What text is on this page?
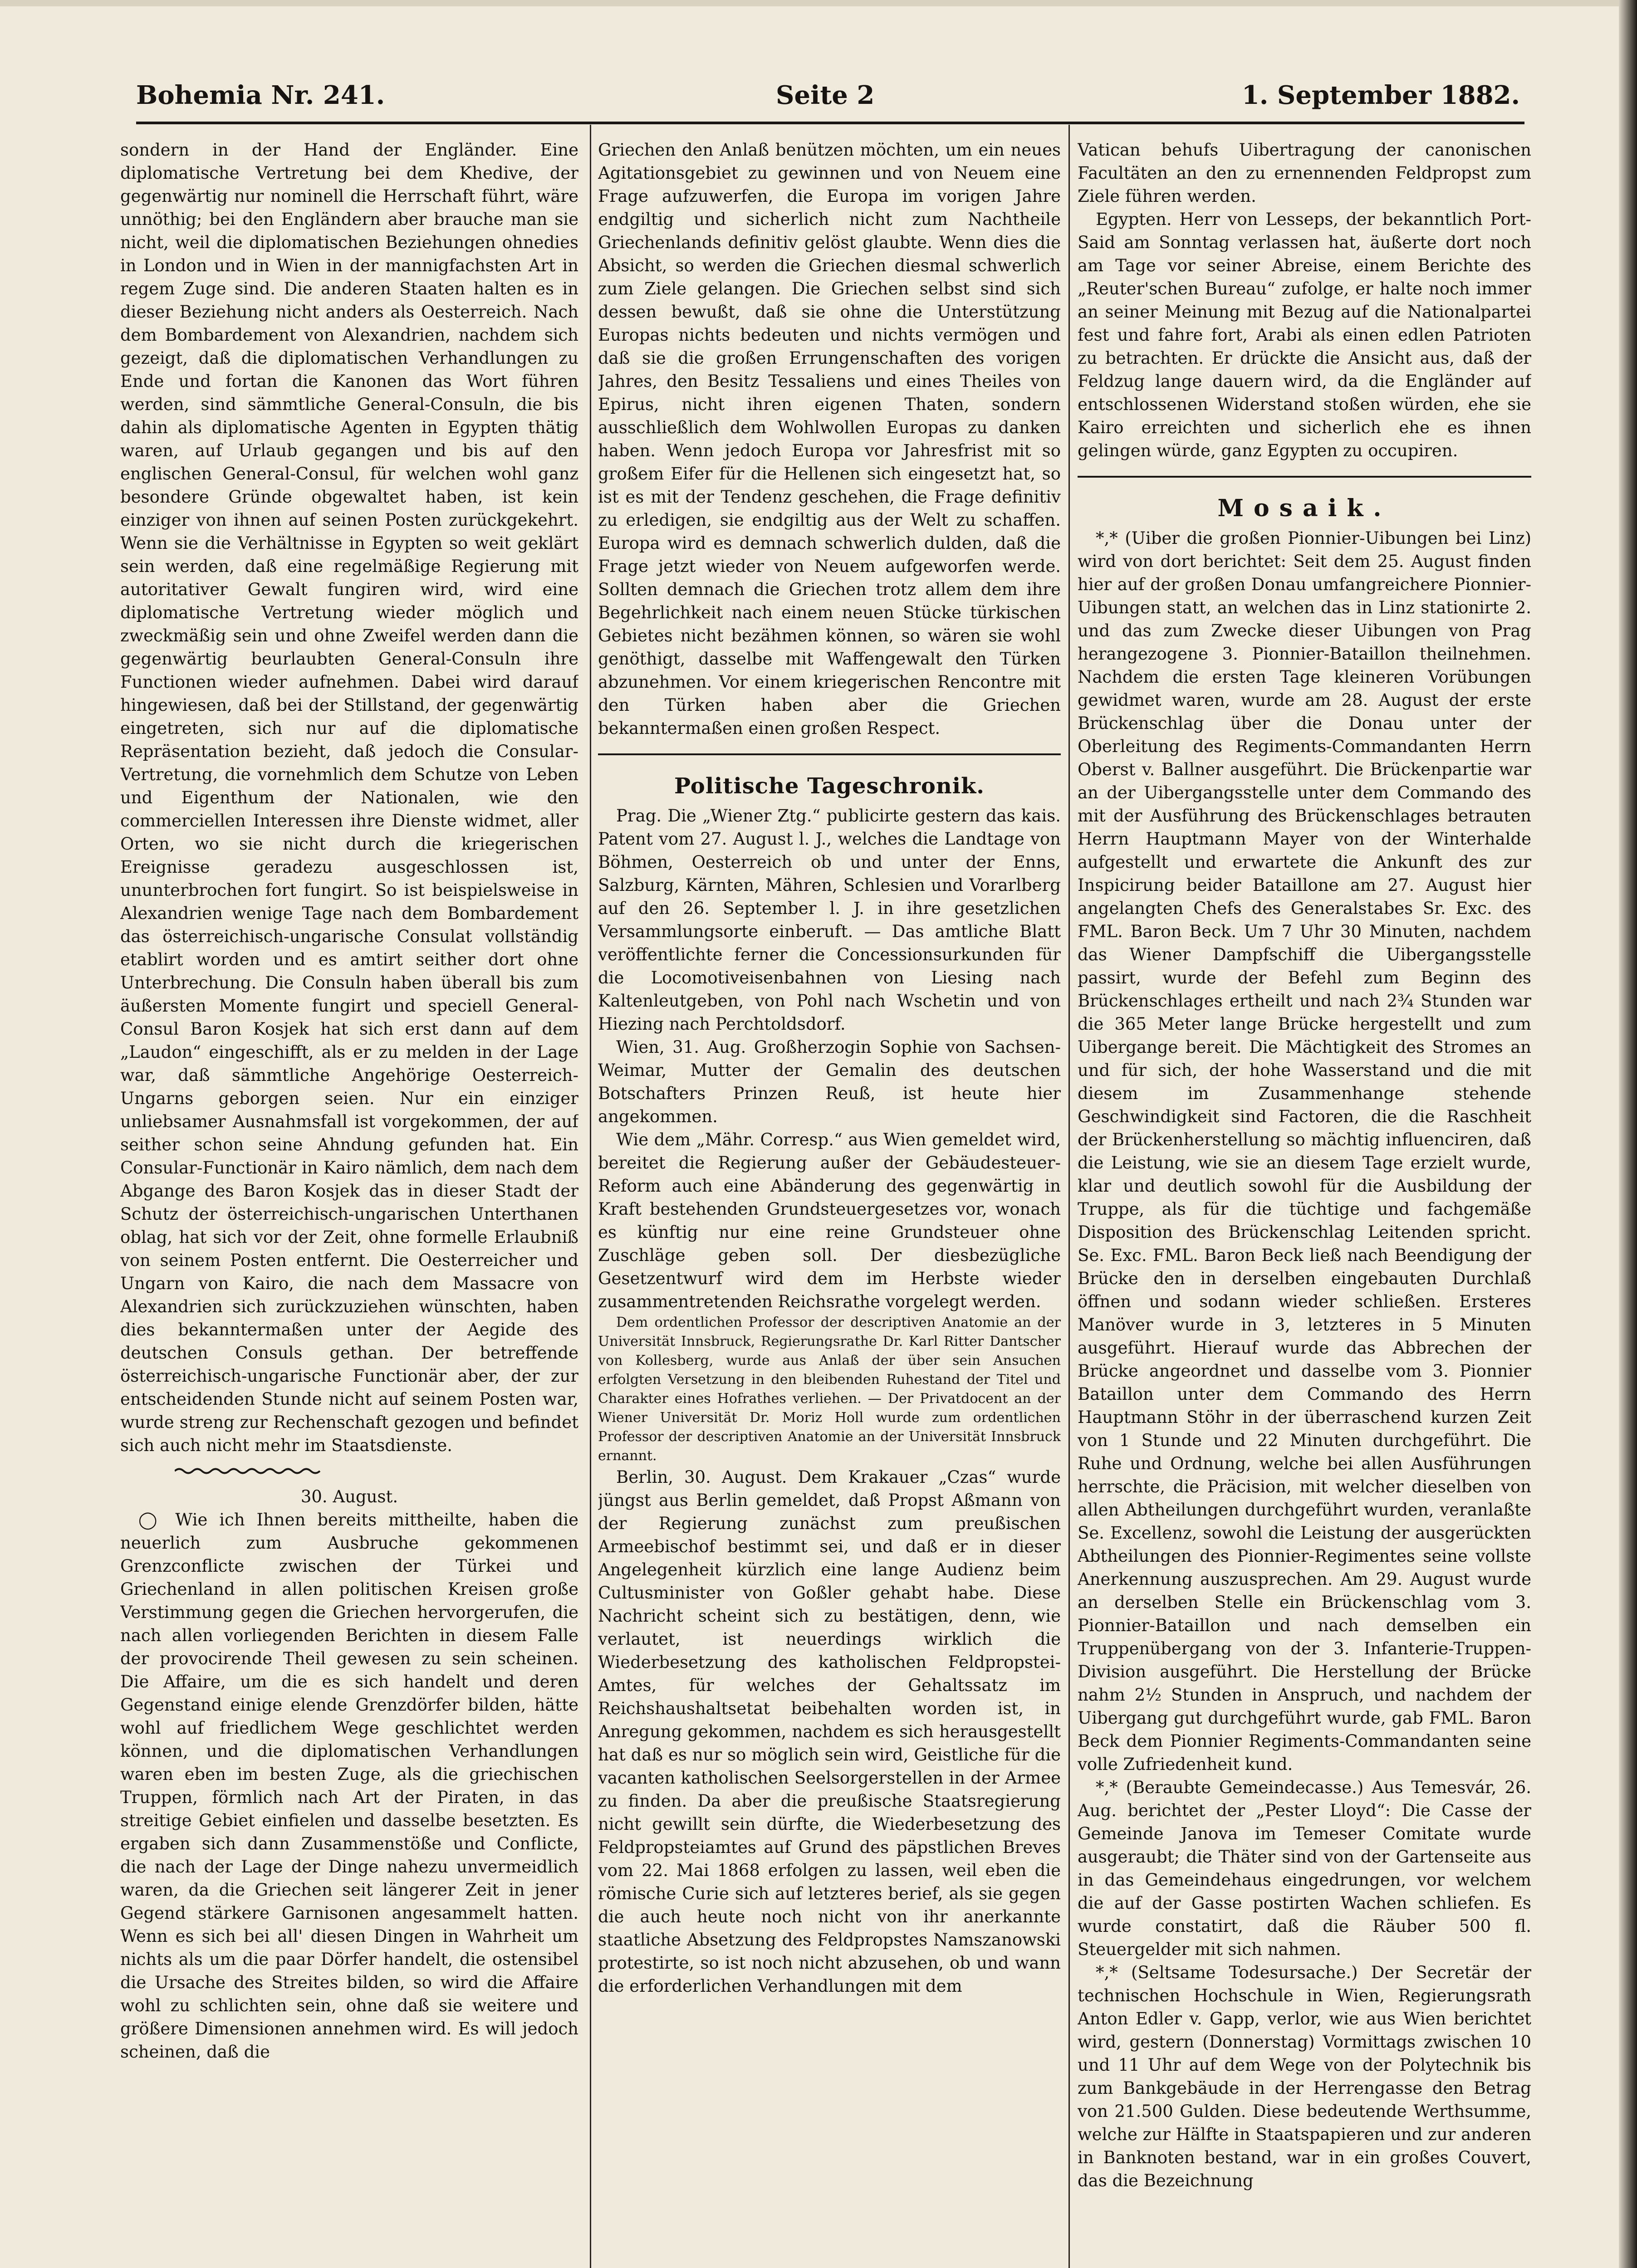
Bohemia Nr. 241.	Seite 2	1. September 1882.

sondern in der Hand der Engländer. Eine diplomatische Vertretung bei dem Khedive, der gegenwärtig nur nominell die Herrschaft führt, wäre unnöthig; bei den Engländern aber brauche man sie nicht, weil die diplomatischen Beziehungen ohnedies in London und in Wien in der mannigfachsten Art in regem Zuge sind. Die anderen Staaten halten es in dieser Beziehung nicht anders als Oesterreich. Nach dem Bombardement von Alexandrien, nachdem sich gezeigt, daß die diplomatischen Verhandlungen zu Ende und fortan die Kanonen das Wort führen werden, sind sämmtliche General-Consuln, die bis dahin als diplomatische Agenten in Egypten thätig waren, auf Urlaub gegangen und bis auf den englischen General-Consul, für welchen wohl ganz besondere Gründe obgewaltet haben, ist kein einziger von ihnen auf seinen Posten zurückgekehrt. Wenn sie die Verhältnisse in Egypten so weit geklärt sein werden, daß eine regelmäßige Regierung mit autoritativer Gewalt fungiren wird, wird eine diplomatische Vertretung wieder möglich und zweckmäßig sein und ohne Zweifel werden dann die gegenwärtig beurlaubten General-Consuln ihre Functionen wieder aufnehmen. Dabei wird darauf hingewiesen, daß bei der Stillstand, der gegenwärtig eingetreten, sich nur auf die diplomatische Repräsentation bezieht, daß jedoch die Consular-Vertretung, die vornehmlich dem Schutze von Leben und Eigenthum der Nationalen, wie den commerciellen Interessen ihre Dienste widmet, aller Orten, wo sie nicht durch die kriegerischen Ereignisse geradezu ausgeschlossen ist, ununterbrochen fort fungirt. So ist beispielsweise in Alexandrien wenige Tage nach dem Bombardement das österreichisch-ungarische Consulat vollständig etablirt worden und es amtirt seither dort ohne Unterbrechung. Die Consuln haben überall bis zum äußersten Momente fungirt und speciell General-Consul Baron Kosjek hat sich erst dann auf dem „Laudon“ eingeschifft, als er zu melden in der Lage war, daß sämmtliche Angehörige Oesterreich-Ungarns geborgen seien. Nur ein einziger unliebsamer Ausnahmsfall ist vorgekommen, der auf seither schon seine Ahndung gefunden hat. Ein Consular-Functionär in Kairo nämlich, dem nach dem Abgange des Baron Kosjek das in dieser Stadt der Schutz der österreichisch-ungarischen Unterthanen oblag, hat sich vor der Zeit, ohne formelle Erlaubniß von seinem Posten entfernt. Die Oesterreicher und Ungarn von Kairo, die nach dem Massacre von Alexandrien sich zurückzuziehen wünschten, haben dies bekanntermaßen unter der Aegide des deutschen Consuls gethan. Der betreffende österreichisch-ungarische Functionär aber, der zur entscheidenden Stunde nicht auf seinem Posten war, wurde streng zur Rechenschaft gezogen und befindet sich auch nicht mehr im Staatsdienste.

30. August.

◯ Wie ich Ihnen bereits mittheilte, haben die neuerlich zum Ausbruche gekommenen Grenzconflicte zwischen der Türkei und Griechenland in allen politischen Kreisen große Verstimmung gegen die Griechen hervorgerufen, die nach allen vorliegenden Berichten in diesem Falle der provocirende Theil gewesen zu sein scheinen. Die Affaire, um die es sich handelt und deren Gegenstand einige elende Grenzdörfer bilden, hätte wohl auf friedlichem Wege geschlichtet werden können, und die diplomatischen Verhandlungen waren eben im besten Zuge, als die griechischen Truppen, förmlich nach Art der Piraten, in das streitige Gebiet einfielen und dasselbe besetzten. Es ergaben sich dann Zusammenstöße und Conflicte, die nach der Lage der Dinge nahezu unvermeidlich waren, da die Griechen seit längerer Zeit in jener Gegend stärkere Garnisonen angesammelt hatten. Wenn es sich bei all' diesen Dingen in Wahrheit um nichts als um die paar Dörfer handelt, die ostensibel die Ursache des Streites bilden, so wird die Affaire wohl zu schlichten sein, ohne daß sie weitere und größere Dimensionen annehmen wird. Es will jedoch scheinen, daß die

Griechen den Anlaß benützen möchten, um ein neues Agitationsgebiet zu gewinnen und von Neuem eine Frage aufzuwerfen, die Europa im vorigen Jahre endgiltig und sicherlich nicht zum Nachtheile Griechenlands definitiv gelöst glaubte. Wenn dies die Absicht, so werden die Griechen diesmal schwerlich zum Ziele gelangen. Die Griechen selbst sind sich dessen bewußt, daß sie ohne die Unterstützung Europas nichts bedeuten und nichts vermögen und daß sie die großen Errungenschaften des vorigen Jahres, den Besitz Tessaliens und eines Theiles von Epirus, nicht ihren eigenen Thaten, sondern ausschließlich dem Wohlwollen Europas zu danken haben. Wenn jedoch Europa vor Jahresfrist mit so großem Eifer für die Hellenen sich eingesetzt hat, so ist es mit der Tendenz geschehen, die Frage definitiv zu erledigen, sie endgiltig aus der Welt zu schaffen. Europa wird es demnach schwerlich dulden, daß die Frage jetzt wieder von Neuem aufgeworfen werde. Sollten demnach die Griechen trotz allem dem ihre Begehrlichkeit nach einem neuen Stücke türkischen Gebietes nicht bezähmen können, so wären sie wohl genöthigt, dasselbe mit Waffengewalt den Türken abzunehmen. Vor einem kriegerischen Rencontre mit den Türken haben aber die Griechen bekanntermaßen einen großen Respect.

Politische Tageschronik.

Prag. Die „Wiener Ztg.“ publicirte gestern das kais. Patent vom 27. August l. J., welches die Landtage von Böhmen, Oesterreich ob und unter der Enns, Salzburg, Kärnten, Mähren, Schlesien und Vorarlberg auf den 26. September l. J. in ihre gesetzlichen Versammlungsorte einberuft. — Das amtliche Blatt veröffentlichte ferner die Concessionsurkunden für die Locomotiveisenbahnen von Liesing nach Kaltenleutgeben, von Pohl nach Wschetin und von Hiezing nach Perchtoldsdorf.

Wien, 31. Aug. Großherzogin Sophie von Sachsen-Weimar, Mutter der Gemalin des deutschen Botschafters Prinzen Reuß, ist heute hier angekommen.

Wie dem „Mähr. Corresp.“ aus Wien gemeldet wird, bereitet die Regierung außer der Gebäudesteuer-Reform auch eine Abänderung des gegenwärtig in Kraft bestehenden Grundsteuergesetzes vor, wonach es künftig nur eine reine Grundsteuer ohne Zuschläge geben soll. Der diesbezügliche Gesetzentwurf wird dem im Herbste wieder zusammentretenden Reichsrathe vorgelegt werden.

Dem ordentlichen Professor der descriptiven Anatomie an der Universität Innsbruck, Regierungsrathe Dr. Karl Ritter Dantscher von Kollesberg, wurde aus Anlaß der über sein Ansuchen erfolgten Versetzung in den bleibenden Ruhestand der Titel und Charakter eines Hofrathes verliehen. — Der Privatdocent an der Wiener Universität Dr. Moriz Holl wurde zum ordentlichen Professor der descriptiven Anatomie an der Universität Innsbruck ernannt.

Berlin, 30. August. Dem Krakauer „Czas“ wurde jüngst aus Berlin gemeldet, daß Propst Aßmann von der Regierung zunächst zum preußischen Armeebischof bestimmt sei, und daß er in dieser Angelegenheit kürzlich eine lange Audienz beim Cultusminister von Goßler gehabt habe. Diese Nachricht scheint sich zu bestätigen, denn, wie verlautet, ist neuerdings wirklich die Wiederbesetzung des katholischen Feldpropstei-Amtes, für welches der Gehaltssatz im Reichshaushaltsetat beibehalten worden ist, in Anregung gekommen, nachdem es sich herausgestellt hat daß es nur so möglich sein wird, Geistliche für die vacanten katholischen Seelsorgerstellen in der Armee zu finden. Da aber die preußische Staatsregierung nicht gewillt sein dürfte, die Wiederbesetzung des Feldpropsteiamtes auf Grund des päpstlichen Breves vom 22. Mai 1868 erfolgen zu lassen, weil eben die römische Curie sich auf letzteres berief, als sie gegen die auch heute noch nicht von ihr anerkannte staatliche Absetzung des Feldpropstes Namszanowski protestirte, so ist noch nicht abzusehen, ob und wann die erforderlichen Verhandlungen mit dem

Vatican behufs Uibertragung der canonischen Facultäten an den zu ernennenden Feldpropst zum Ziele führen werden.

Egypten. Herr von Lesseps, der bekanntlich Port-Said am Sonntag verlassen hat, äußerte dort noch am Tage vor seiner Abreise, einem Berichte des „Reuter'schen Bureau“ zufolge, er halte noch immer an seiner Meinung mit Bezug auf die Nationalpartei fest und fahre fort, Arabi als einen edlen Patrioten zu betrachten. Er drückte die Ansicht aus, daß der Feldzug lange dauern wird, da die Engländer auf entschlossenen Widerstand stoßen würden, ehe sie Kairo erreichten und sicherlich ehe es ihnen gelingen würde, ganz Egypten zu occupiren.

Mosaik.

*,* (Uiber die großen Pionnier-Uibungen bei Linz) wird von dort berichtet: Seit dem 25. August finden hier auf der großen Donau umfangreichere Pionnier-Uibungen statt, an welchen das in Linz stationirte 2. und das zum Zwecke dieser Uibungen von Prag herangezogene 3. Pionnier-Bataillon theilnehmen. Nachdem die ersten Tage kleineren Vorübungen gewidmet waren, wurde am 28. August der erste Brückenschlag über die Donau unter der Oberleitung des Regiments-Commandanten Herrn Oberst v. Ballner ausgeführt. Die Brückenpartie war an der Uibergangsstelle unter dem Commando des mit der Ausführung des Brückenschlages betrauten Herrn Hauptmann Mayer von der Winterhalde aufgestellt und erwartete die Ankunft des zur Inspicirung beider Bataillone am 27. August hier angelangten Chefs des Generalstabes Sr. Exc. des FML. Baron Beck. Um 7 Uhr 30 Minuten, nachdem das Wiener Dampfschiff die Uibergangsstelle passirt, wurde der Befehl zum Beginn des Brückenschlages ertheilt und nach 2¾ Stunden war die 365 Meter lange Brücke hergestellt und zum Uibergange bereit. Die Mächtigkeit des Stromes an und für sich, der hohe Wasserstand und die mit diesem im Zusammenhange stehende Geschwindigkeit sind Factoren, die die Raschheit der Brückenherstellung so mächtig influenciren, daß die Leistung, wie sie an diesem Tage erzielt wurde, klar und deutlich sowohl für die Ausbildung der Truppe, als für die tüchtige und fachgemäße Disposition des Brückenschlag Leitenden spricht. Se. Exc. FML. Baron Beck ließ nach Beendigung der Brücke den in derselben eingebauten Durchlaß öffnen und sodann wieder schließen. Ersteres Manöver wurde in 3, letzteres in 5 Minuten ausgeführt. Hierauf wurde das Abbrechen der Brücke angeordnet und dasselbe vom 3. Pionnier Bataillon unter dem Commando des Herrn Hauptmann Stöhr in der überraschend kurzen Zeit von 1 Stunde und 22 Minuten durchgeführt. Die Ruhe und Ordnung, welche bei allen Ausführungen herrschte, die Präcision, mit welcher dieselben von allen Abtheilungen durchgeführt wurden, veranlaßte Se. Excellenz, sowohl die Leistung der ausgerückten Abtheilungen des Pionnier-Regimentes seine vollste Anerkennung auszusprechen. Am 29. August wurde an derselben Stelle ein Brückenschlag vom 3. Pionnier-Bataillon und nach demselben ein Truppenübergang von der 3. Infanterie-Truppen-Division ausgeführt. Die Herstellung der Brücke nahm 2½ Stunden in Anspruch, und nachdem der Uibergang gut durchgeführt wurde, gab FML. Baron Beck dem Pionnier Regiments-Commandanten seine volle Zufriedenheit kund.

*,* (Beraubte Gemeindecasse.) Aus Temesvár, 26. Aug. berichtet der „Pester Lloyd“: Die Casse der Gemeinde Janova im Temeser Comitate wurde ausgeraubt; die Thäter sind von der Gartenseite aus in das Gemeindehaus eingedrungen, vor welchem die auf der Gasse postirten Wachen schliefen. Es wurde constatirt, daß die Räuber 500 fl. Steuergelder mit sich nahmen.

*,* (Seltsame Todesursache.) Der Secretär der technischen Hochschule in Wien, Regierungsrath Anton Edler v. Gapp, verlor, wie aus Wien berichtet wird, gestern (Donnerstag) Vormittags zwischen 10 und 11 Uhr auf dem Wege von der Polytechnik bis zum Bankgebäude in der Herrengasse den Betrag von 21.500 Gulden. Diese bedeutende Werthsumme, welche zur Hälfte in Staatspapieren und zur anderen in Banknoten bestand, war in ein großes Couvert, das die Bezeichnung
